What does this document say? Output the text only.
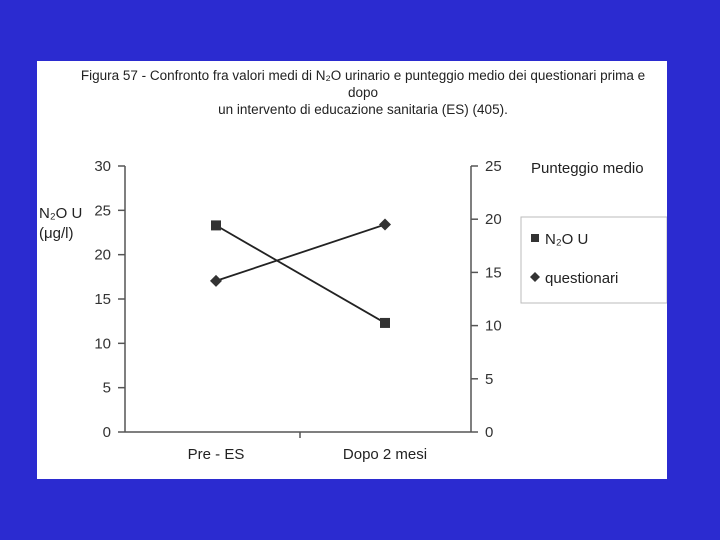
Figura 57 - Confronto fra valori medi di N₂O urinario e punteggio medio dei questionari prima e dopo
un intervento di educazione sanitaria (ES) (405).
N₂O U
(μg/l)
Punteggio medio
0
5
10
15
20
25
30
0
5
10
15
20
25
Pre - ES	Dopo 2 mesi
N₂O U
questionari
